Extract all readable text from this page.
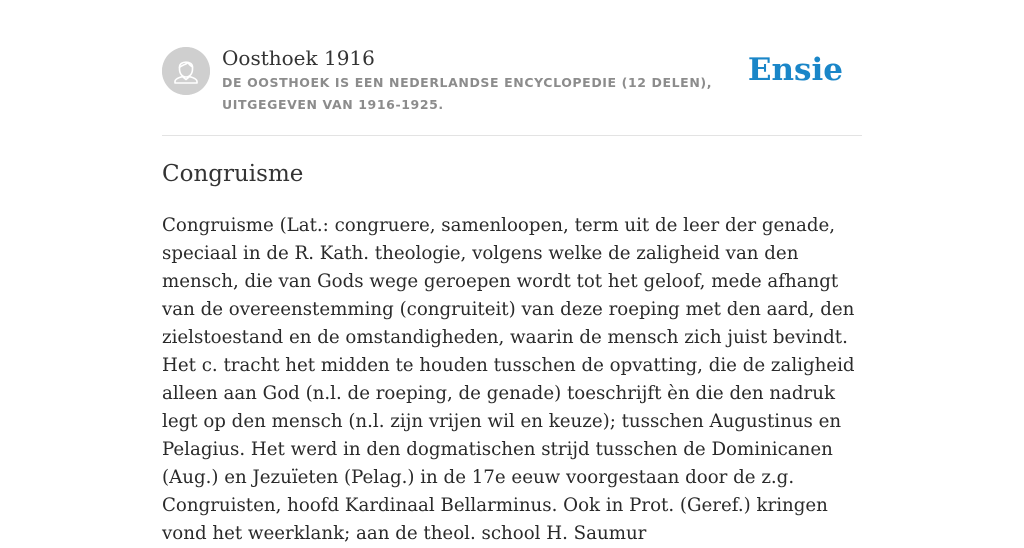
Oosthoek 1916
DE OOSTHOEK IS EEN NEDERLANDSE ENCYCLOPEDIE (12 DELEN), UITGEGEVEN VAN 1916-1925.
Ensie
Congruisme

Congruisme (Lat.: congruere, samenloopen, term uit de leer der genade, speciaal in de R. Kath. theologie, volgens welke de zaligheid van den mensch, die van Gods wege geroepen wordt tot het geloof, mede afhangt van de overeenstemming (congruiteit) van deze roeping met den aard, den zielstoestand en de omstandigheden, waarin de mensch zich juist bevindt. Het c. tracht het midden te houden tusschen de opvatting, die de zaligheid alleen aan God (n.l. de roeping, de genade) toeschrijft èn die den nadruk legt op den mensch (n.l. zijn vrijen wil en keuze); tusschen Augustinus en Pelagius. Het werd in den dogmatischen strijd tusschen de Dominicanen (Aug.) en Jezuïeten (Pelag.) in de 17e eeuw voorgestaan door de z.g. Congruisten, hoofd Kardinaal Bellarminus. Ook in Prot. (Geref.) kringen vond het weerklank; aan de theol. school H. Saumur
